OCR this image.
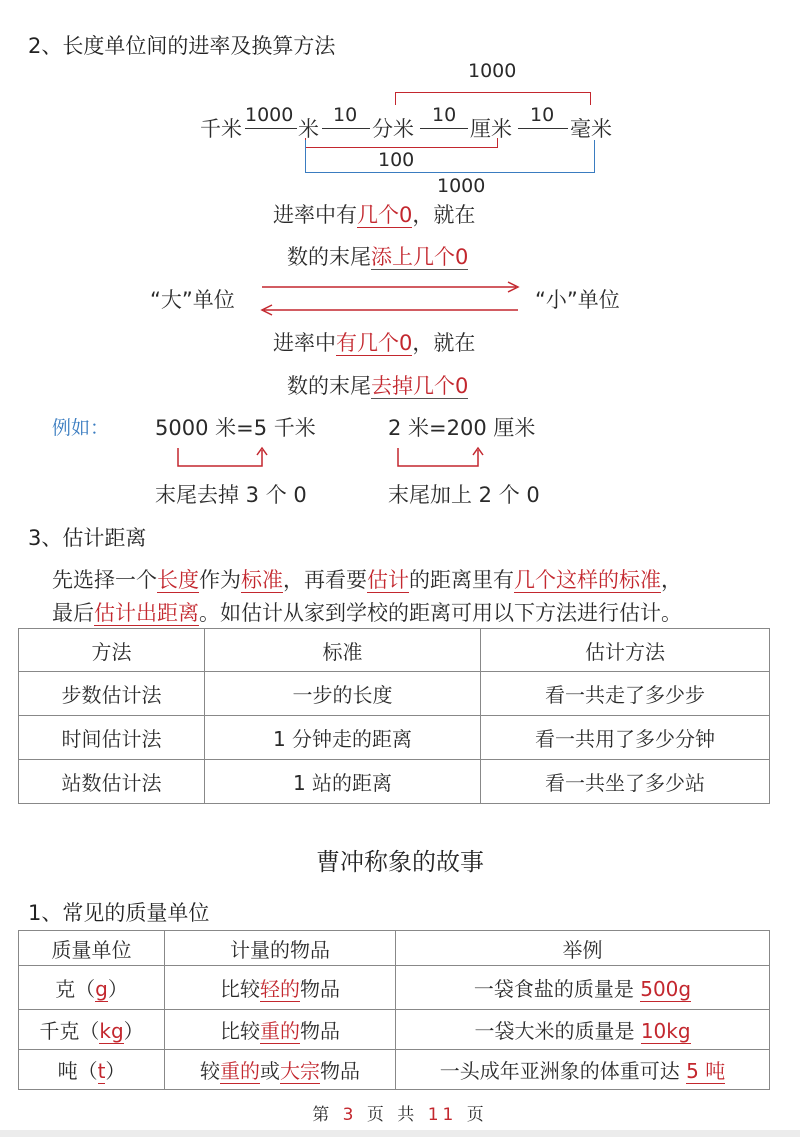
2、长度单位间的进率及换算方法
千米	米	分米	厘米	毫米
1000 10	10	10
1000
100
1000
进率中有几个0，就在
数的末尾添上几个0
“大”单位	“小”单位
进率中有几个0，就在
数的末尾去掉几个0
例如： 5000 米=5 千米	2 米=200 厘米
末尾去掉 3 个 0	末尾加上 2 个 0
3、估计距离
先选择一个长度作为标准，再看要估计的距离里有几个这样的标准，
最后估计出距离。如估计从家到学校的距离可用以下方法进行估计。
方法	标准	估计方法
步数估计法	一步的长度	看一共走了多少步
时间估计法	1 分钟走的距离	看一共用了多少分钟
站数估计法	1 站的距离	看一共坐了多少站
曹冲称象的故事
1、常见的质量单位
质量单位	计量的物品	举例
克（g）	比较轻的物品	一袋食盐的质量是 500g
千克（kg）	比较重的物品	一袋大米的质量是 10kg
吨（t）	较重的或大宗物品	一头成年亚洲象的体重可达 5 吨
第 3 页 共 11 页
